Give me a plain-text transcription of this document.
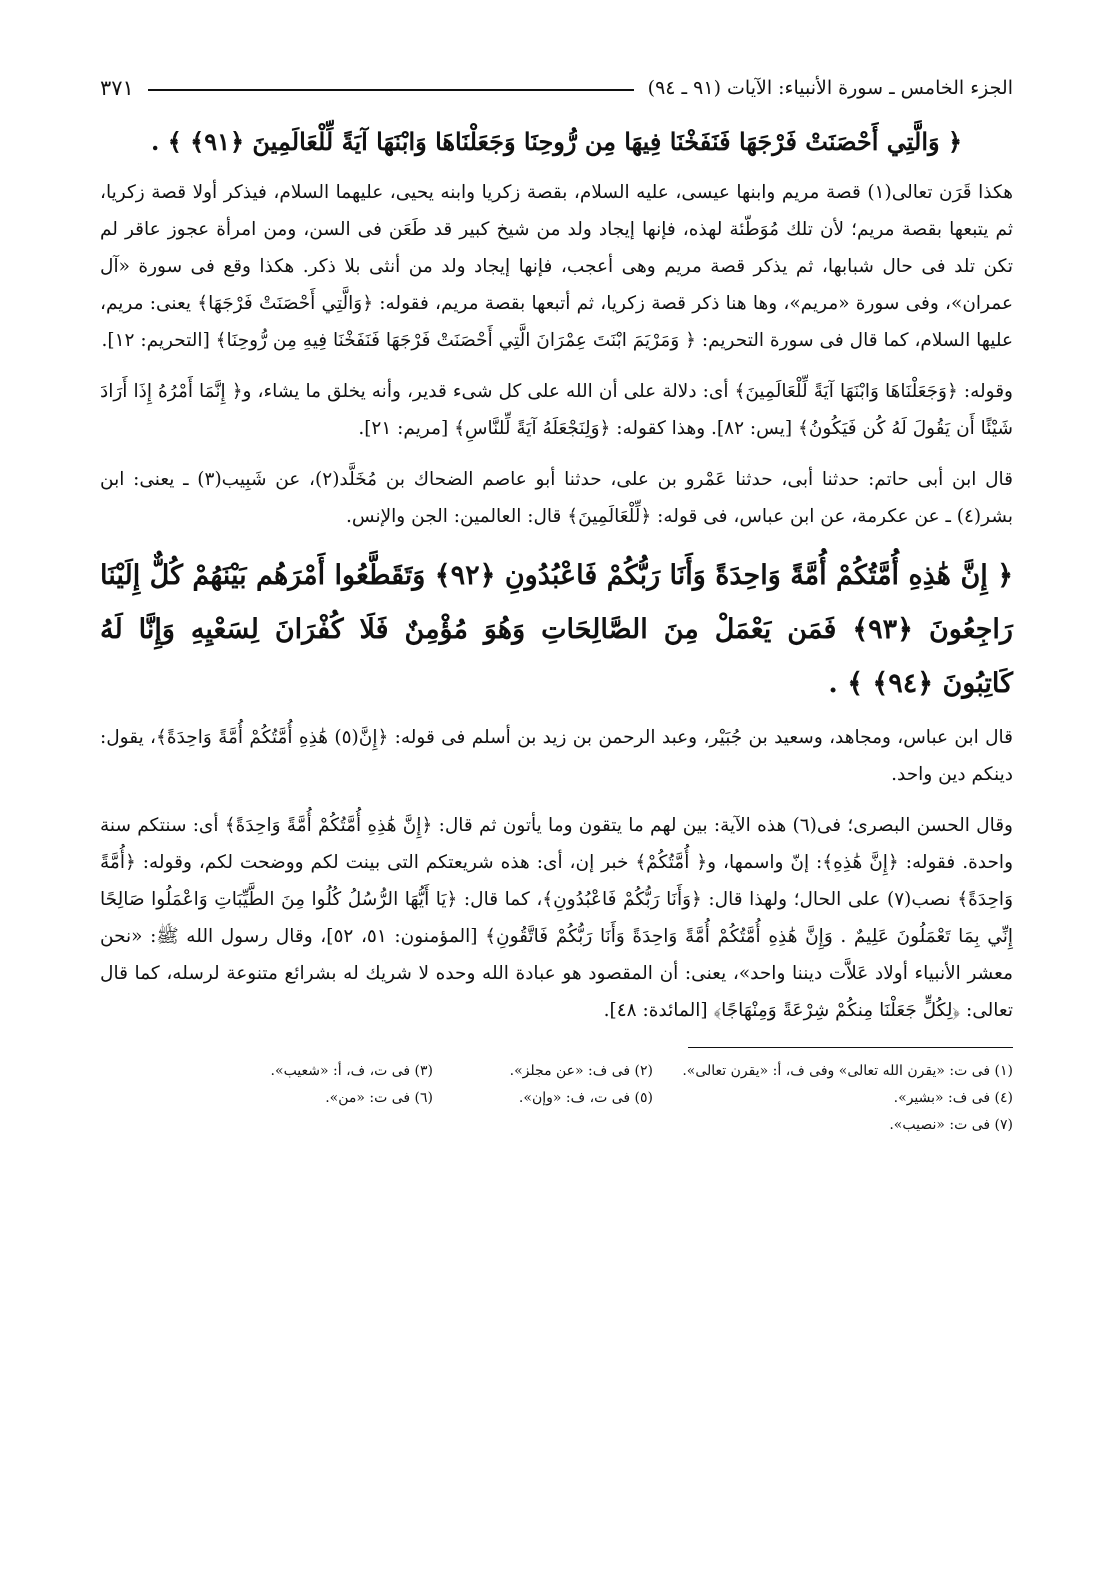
الجزء الخامس ـ سورة الأنبياء: الآيات (٩١ ـ ٩٤)
٣٧١
﴿ وَالَّتِي أَحْصَنَتْ فَرْجَهَا فَنَفَخْنَا فِيهَا مِن رُّوحِنَا وَجَعَلْنَاهَا وَابْنَهَا آيَةً لِّلْعَالَمِينَ ﴿٩١﴾ ﴾ .

هكذا قَرَن تعالى(١) قصة مريم وابنها عيسى، عليه السلام، بقصة زكريا وابنه يحيى، عليهما السلام، فيذكر أولا قصة زكريا، ثم يتبعها بقصة مريم؛ لأن تلك مُوَطّئة لهذه، فإنها إيجاد ولد من شيخ كبير قد طَعَن فى السن، ومن امرأة عجوز عاقر لم تكن تلد فى حال شبابها، ثم يذكر قصة مريم وهى أعجب، فإنها إيجاد ولد من أنثى بلا ذكر. هكذا وقع فى سورة «آل عمران»، وفى سورة «مريم»، وها هنا ذكر قصة زكريا، ثم أتبعها بقصة مريم، فقوله: ﴿وَالَّتِي أَحْصَنَتْ فَرْجَهَا﴾ يعنى: مريم، عليها السلام، كما قال فى سورة التحريم: ﴿ وَمَرْيَمَ ابْنَتَ عِمْرَانَ الَّتِي أَحْصَنَتْ فَرْجَهَا فَنَفَخْنَا فِيهِ مِن رُّوحِنَا﴾ [التحريم: ١٢].

وقوله: ﴿وَجَعَلْنَاهَا وَابْنَهَا آيَةً لِّلْعَالَمِينَ﴾ أى: دلالة على أن الله على كل شىء قدير، وأنه يخلق ما يشاء، و﴿ إِنَّمَا أَمْرُهُ إِذَا أَرَادَ شَيْئًا أَن يَقُولَ لَهُ كُن فَيَكُونُ﴾ [يس: ٨٢]. وهذا كقوله: ﴿وَلِنَجْعَلَهُ آيَةً لِّلنَّاسِ﴾ [مريم: ٢١].

قال ابن أبى حاتم: حدثنا أبى، حدثنا عَمْرو بن على، حدثنا أبو عاصم الضحاك بن مُخَلَّد(٢)، عن شَبِيب(٣) ـ يعنى: ابن بشر(٤) ـ عن عكرمة، عن ابن عباس، فى قوله: ﴿لِّلْعَالَمِينَ﴾ قال: العالمين: الجن والإنس.

﴿ إِنَّ هَٰذِهِ أُمَّتُكُمْ أُمَّةً وَاحِدَةً وَأَنَا رَبُّكُمْ فَاعْبُدُونِ ﴿٩٢﴾ وَتَقَطَّعُوا أَمْرَهُم بَيْنَهُمْ كُلٌّ إِلَيْنَا رَاجِعُونَ ﴿٩٣﴾ فَمَن يَعْمَلْ مِنَ الصَّالِحَاتِ وَهُوَ مُؤْمِنٌ فَلَا كُفْرَانَ لِسَعْيِهِ وَإِنَّا لَهُ كَاتِبُونَ ﴿٩٤﴾ ﴾ .

قال ابن عباس، ومجاهد، وسعيد بن جُبَيْر، وعبد الرحمن بن زيد بن أسلم فى قوله: ﴿إِنَّ(٥) هَٰذِهِ أُمَّتُكُمْ أُمَّةً وَاحِدَةً﴾، يقول: دينكم دين واحد.

وقال الحسن البصرى؛ فى(٦) هذه الآية: بين لهم ما يتقون وما يأتون ثم قال: ﴿إِنَّ هَٰذِهِ أُمَّتُكُمْ أُمَّةً وَاحِدَةً﴾ أى: سنتكم سنة واحدة. فقوله: ﴿إِنَّ هَٰذِهِ﴾: إنّ واسمها، و﴿ أُمَّتُكُمْ﴾ خبر إن، أى: هذه شريعتكم التى بينت لكم ووضحت لكم، وقوله: ﴿أُمَّةً وَاحِدَةً﴾ نصب(٧) على الحال؛ ولهذا قال: ﴿وَأَنَا رَبُّكُمْ فَاعْبُدُونِ﴾، كما قال: ﴿يَا أَيُّهَا الرُّسُلُ كُلُوا مِنَ الطَّيِّبَاتِ وَاعْمَلُوا صَالِحًا إِنِّي بِمَا تَعْمَلُونَ عَلِيمٌ . وَإِنَّ هَٰذِهِ أُمَّتُكُمْ أُمَّةً وَاحِدَةً وَأَنَا رَبُّكُمْ فَاتَّقُونِ﴾ [المؤمنون: ٥١، ٥٢]، وقال رسول الله ﷺ: «نحن معشر الأنبياء أولاد عَلاَّت ديننا واحد»، يعنى: أن المقصود هو عبادة الله وحده لا شريك له بشرائع متنوعة لرسله، كما قال تعالى: ﴿لِكُلٍّ جَعَلْنَا مِنكُمْ شِرْعَةً وَمِنْهَاجًا﴾ [المائدة: ٤٨].

(١) فى ت: «يقرن الله تعالى» وفى ف، أ: «يقرن تعالى».
(٢) فى ف: «عن مجلز».
(٣) فى ت، ف، أ: «شعيب».
(٤) فى ف: «بشير».
(٥) فى ت، ف: «وإن».
(٦) فى ت: «من».
(٧) فى ت: «نصيب».
